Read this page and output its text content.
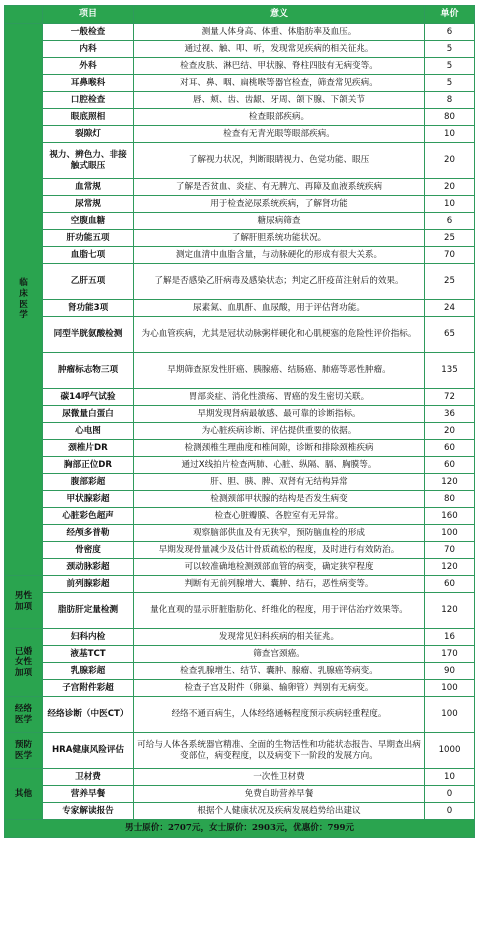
	项目	意义	单价

临
床
医
学	一般检查	测量人体身高、体重、体脂肪率及血压。	6
	内科	通过视、触、叩、听，发现常见疾病的相关征兆。	5
	外科	检查皮肤、淋巴结、甲状腺、脊柱四肢有无病变等。	5
	耳鼻喉科	对耳、鼻、咽、扁桃喉等器官检查，筛查常见疾病。	5
	口腔检查	唇、颊、齿、齿龈、牙周、颌下腺、下颌关节	8
	眼底照相	检查眼部疾病。	80
	裂隙灯	检查有无青光眼等眼部疾病。	10
	视力、辨色力、非接触式眼压	了解视力状况，判断眼睛视力、色觉功能、眼压	20
	血常规	了解是否贫血、炎症、有无脾亢、再障及血液系统疾病	20
	尿常规	用于检查泌尿系统疾病，了解肾功能	10
	空腹血糖	糖尿病筛查	6
	肝功能五项	了解肝胆系统功能状况。	25
	血脂七项	测定血清中血脂含量，与动脉硬化的形成有很大关系。	70
	乙肝五项	了解是否感染乙肝病毒及感染状态；判定乙肝疫苗注射后的效果。	25
	肾功能3项	尿素氮、血肌酐、血尿酸，用于评估肾功能。	24
	同型半胱氨酸检测	为心血管疾病，尤其是冠状动脉粥样硬化和心肌梗塞的危险性评价指标。	65
	肿瘤标志物三项	早期筛查原发性肝癌、胰腺癌、结肠癌、肺癌等恶性肿瘤。	135
	碳14呼气试验	胃部炎症、消化性溃疡、胃癌的发生密切关联。	72
	尿微量白蛋白	早期发现肾病最敏感、最可靠的诊断指标。	36
	心电图	为心脏疾病诊断、评估提供重要的依据。	20
	颈椎片DR	检测颈椎生理曲度和椎间隙，诊断和排除颈椎疾病	60
	胸部正位DR	通过X线拍片检查两肺、心脏、纵隔、膈、胸膜等。	60
	腹部彩超	肝、胆、胰、脾、双肾有无结构异常	120
	甲状腺彩超	检测颈部甲状腺的结构是否发生病变	80
	心脏彩色超声	检查心脏瓣膜、各腔室有无异常。	160
	经颅多普勒	观察脑部供血及有无狭窄，预防脑血栓的形成	100
	骨密度	早期发现骨量减少及估计骨质疏松的程度，及时进行有效防治。	70
	颈动脉彩超	可以较准确地检测颈部血管的病变，确定狭窄程度	120

男性
加项	前列腺彩超	判断有无前列腺增大、囊肿、结石，恶性病变等。	60
	脂肪肝定量检测	量化直观的显示肝脏脂肪化、纤维化的程度，用于评估治疗效果等。	120

已婚
女性
加项	妇科内检	发现常见妇科疾病的相关征兆。	16
	液基TCT	筛查宫颈癌。	170
	乳腺彩超	检查乳腺增生、结节、囊肿、腺瘤、乳腺癌等病变。	90
	子宫附件彩超	检查子宫及附件（卵巢、输卵管）判别有无病变。	100

经络
医学	经络诊断（中医CT）	经络不通百病生，人体经络通畅程度预示疾病轻重程度。	100

预防
医学	HRA健康风险评估	可给与人体各系统器官精准、全面的生物活性和功能状态报告、早期查出病变部位，病变程度，以及病变下一阶段的发展方向。	1000

其他	卫材费	一次性卫材费	10
	营养早餐	免费自助营养早餐	0
	专家解读报告	根据个人健康状况及疾病发展趋势给出建议	0
男士原价：2707元，女士原价：2903元，优惠价：799元			
